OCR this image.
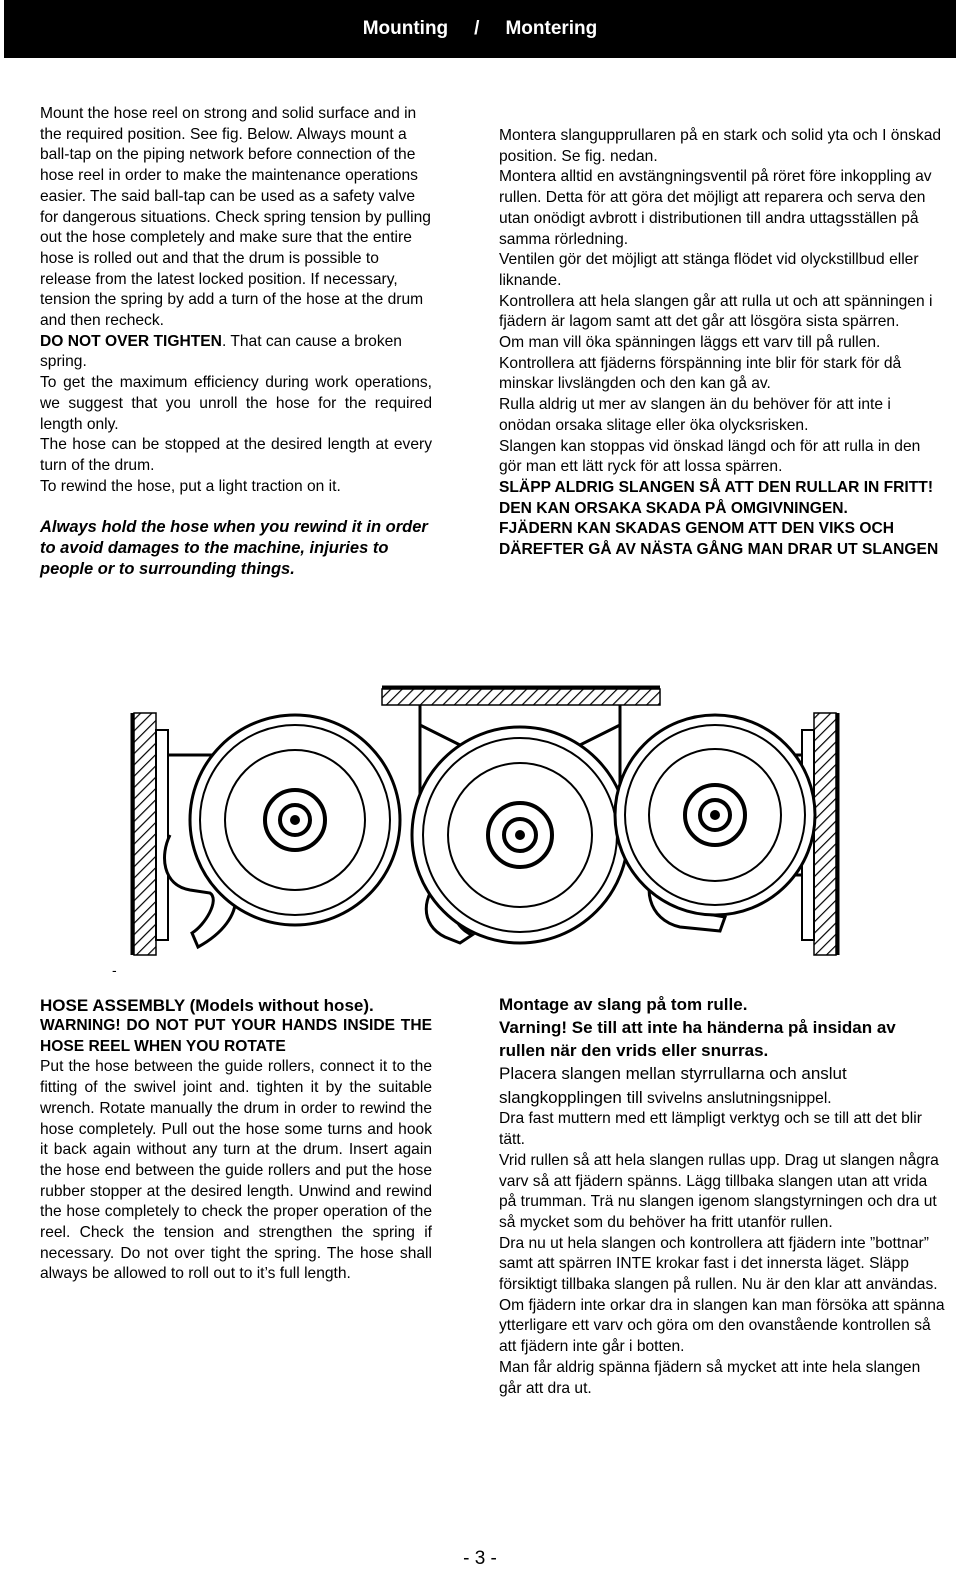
Mounting / Montering

Mount the hose reel on strong and solid surface and in the required position. See fig. Below. Always mount a ball-tap on the piping network before connection of the hose reel in order to make the maintenance operations easier. The said ball-tap can be used as a safety valve for dangerous situations. Check spring tension by pulling out the hose completely and make sure that the entire hose is rolled out and that the drum is possible to release from the latest locked position. If necessary, tension the spring by add a turn of the hose at the drum and then recheck.

DO NOT OVER TIGHTEN. That can cause a broken spring.

To get the maximum efficiency during work operations, we suggest that you unroll the hose for the required length only.

The hose can be stopped at the desired length at every turn of the drum.

To rewind the hose, put a light traction on it.

Always hold the hose when you rewind it in order to avoid damages to the machine, injuries to people or to surrounding things.

Montera slangupprullaren på en stark och solid yta och I önskad position. Se fig. nedan.

Montera alltid en avstängningsventil på röret före inkoppling av rullen. Detta för att göra det möjligt att reparera och serva den utan onödigt avbrott i distributionen till andra uttagsställen på samma rörledning.

Ventilen gör det möjligt att stänga flödet vid olyckstillbud eller liknande.

Kontrollera att hela slangen går att rulla ut och att spänningen i fjädern är lagom samt att det går att lösgöra sista spärren.

Om man vill öka spänningen läggs ett varv till på rullen.

Kontrollera att fjäderns förspänning inte blir för stark för då minskar livslängden och den kan gå av.

Rulla aldrig ut mer av slangen än du behöver för att inte i onödan orsaka slitage eller öka olycksrisken.

Slangen kan stoppas vid önskad längd och för att rulla in den gör man ett lätt ryck för att lossa spärren.

SLÄPP ALDRIG SLANGEN SÅ ATT DEN RULLAR IN FRITT!

DEN KAN ORSAKA SKADA PÅ OMGIVNINGEN.

FJÄDERN KAN SKADAS GENOM ATT DEN VIKS OCH DÄREFTER GÅ AV NÄSTA GÅNG MAN DRAR UT SLANGEN

-

HOSE ASSEMBLY (Models without hose).

WARNING! DO NOT PUT YOUR HANDS INSIDE THE HOSE REEL WHEN YOU ROTATE

Put the hose between the guide rollers, connect it to the fitting of the swivel joint and. tighten it by the suitable wrench. Rotate manually the drum in order to rewind the hose completely. Pull out the hose some turns and hook it back again without any turn at the drum. Insert again the hose end between the guide rollers and put the hose rubber stopper at the desired length. Unwind and rewind the hose completely to check the proper operation of the reel. Check the tension and strengthen the spring if necessary. Do not over tight the spring. The hose shall always be allowed to roll out to it’s full length.

Montage av slang på tom rulle.

Varning! Se till att inte ha händerna på insidan av rullen när den vrids eller snurras.

Placera slangen mellan styrrullarna och anslut slangkopplingen till svivelns anslutningsnippel.

Dra fast muttern med ett lämpligt verktyg och se till att det blir tätt.

Vrid rullen så att hela slangen rullas upp. Drag ut slangen några varv så att fjädern spänns. Lägg tillbaka slangen utan att vrida på trumman. Trä nu slangen igenom slangstyrningen och dra ut så mycket som du behöver ha fritt utanför rullen.

Dra nu ut hela slangen och kontrollera att fjädern inte ”bottnar” samt att spärren INTE krokar fast i det innersta läget. Släpp försiktigt tillbaka slangen på rullen. Nu är den klar att användas.

Om fjädern inte orkar dra in slangen kan man försöka att spänna ytterligare ett varv och göra om den ovanstående kontrollen så att fjädern inte går i botten.

Man får aldrig spänna fjädern så mycket att inte hela slangen går att dra ut.

- 3 -
